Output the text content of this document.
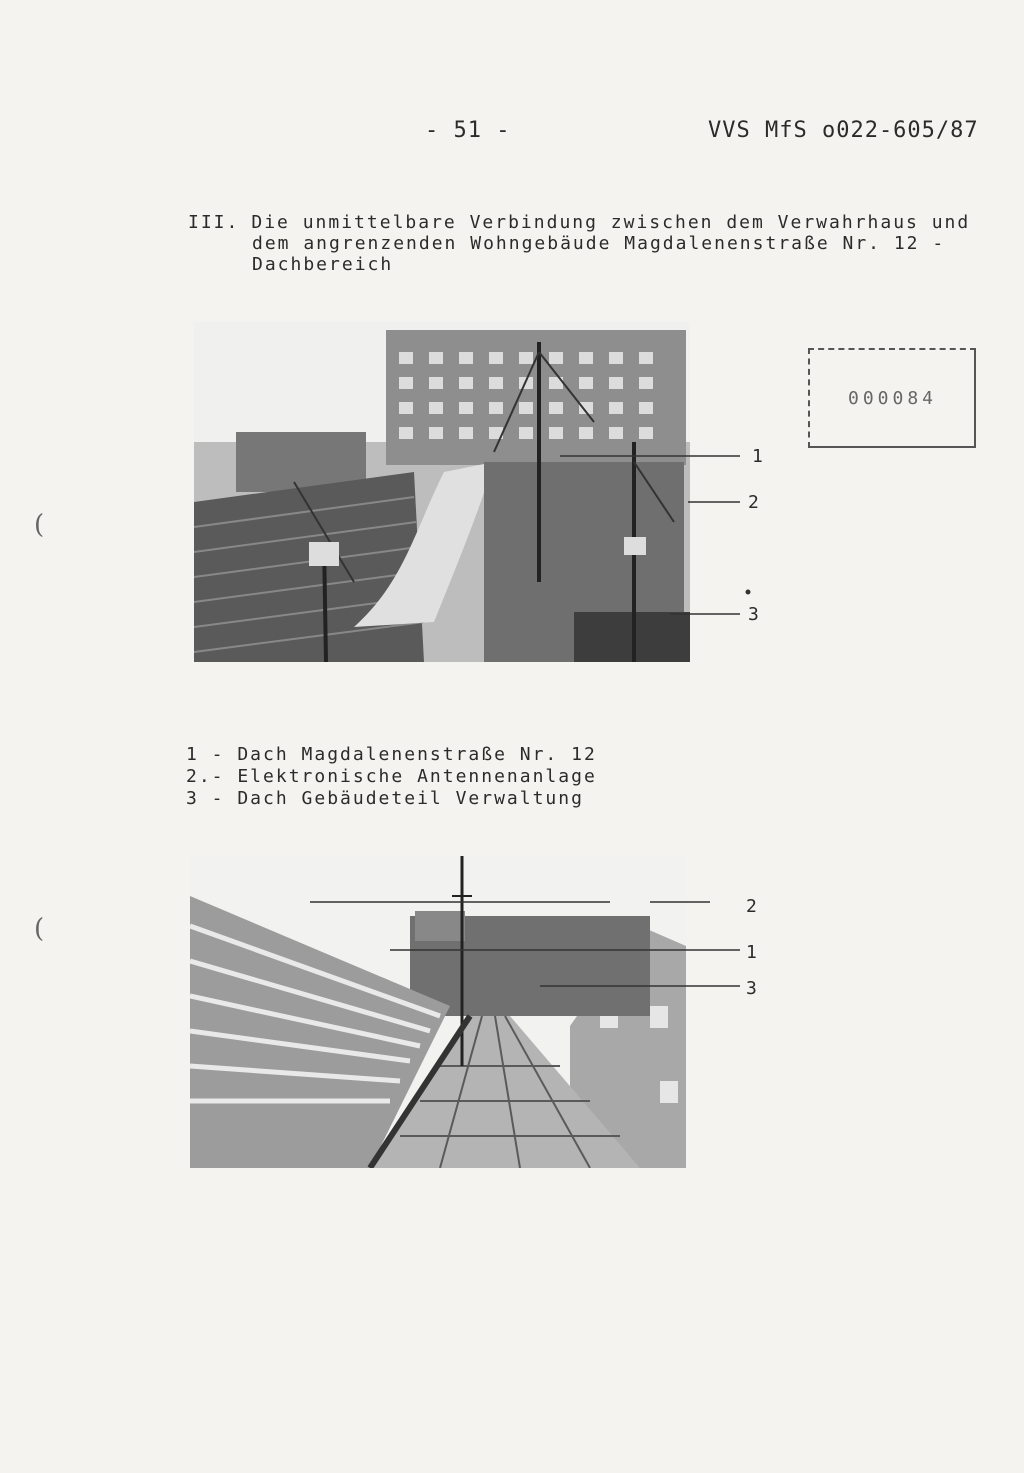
- 51 -	VVS MfS o022-605/87
III. Die unmittelbare Verbindung zwischen dem Verwahrhaus und
dem angrenzenden Wohngebäude Magdalenenstraße Nr. 12 -
Dachbereich
000084
(
(
1
2
3
1 - Dach Magdalenenstraße Nr. 12
2.- Elektronische Antennenanlage
3 - Dach Gebäudeteil Verwaltung
2
1
3
